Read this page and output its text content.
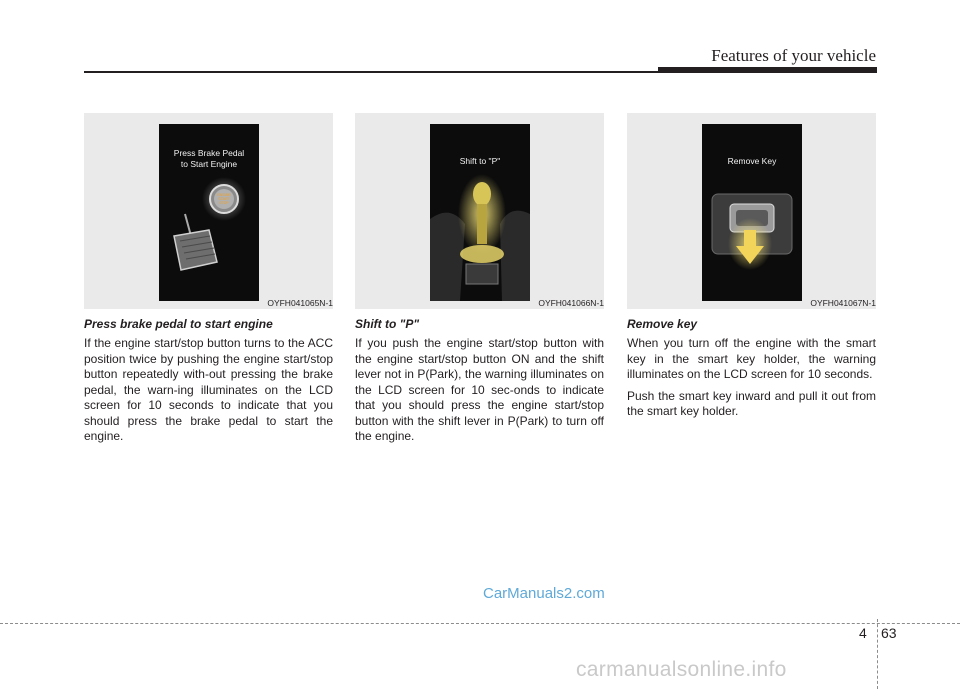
Features of your vehicle
Press Brake Pedal
to Start Engine
ENGINE
START
STOP
OYFH041065N-1
Press brake pedal to start engine

If the engine start/stop button turns to the ACC position twice by pushing the engine start/stop button repeatedly with-out pressing the brake pedal, the warn-ing illuminates on the LCD screen for 10 seconds to indicate that you should press the brake pedal to start the engine.

Shift to "P"
OYFH041066N-1
Shift to "P"

If you push the engine start/stop button with the engine start/stop button ON and the shift lever not in P(Park), the warning illuminates on the LCD screen for 10 sec-onds to indicate that you should press the engine start/stop button with the shift lever in P(Park) to turn off the engine.

Remove Key
OYFH041067N-1
Remove key

When you turn off the engine with the smart key in the smart key holder, the warning illuminates on the LCD screen for 10 seconds.

Push the smart key inward and pull it out from the smart key holder.

CarManuals2.com
4 63
carmanualsonline.info
